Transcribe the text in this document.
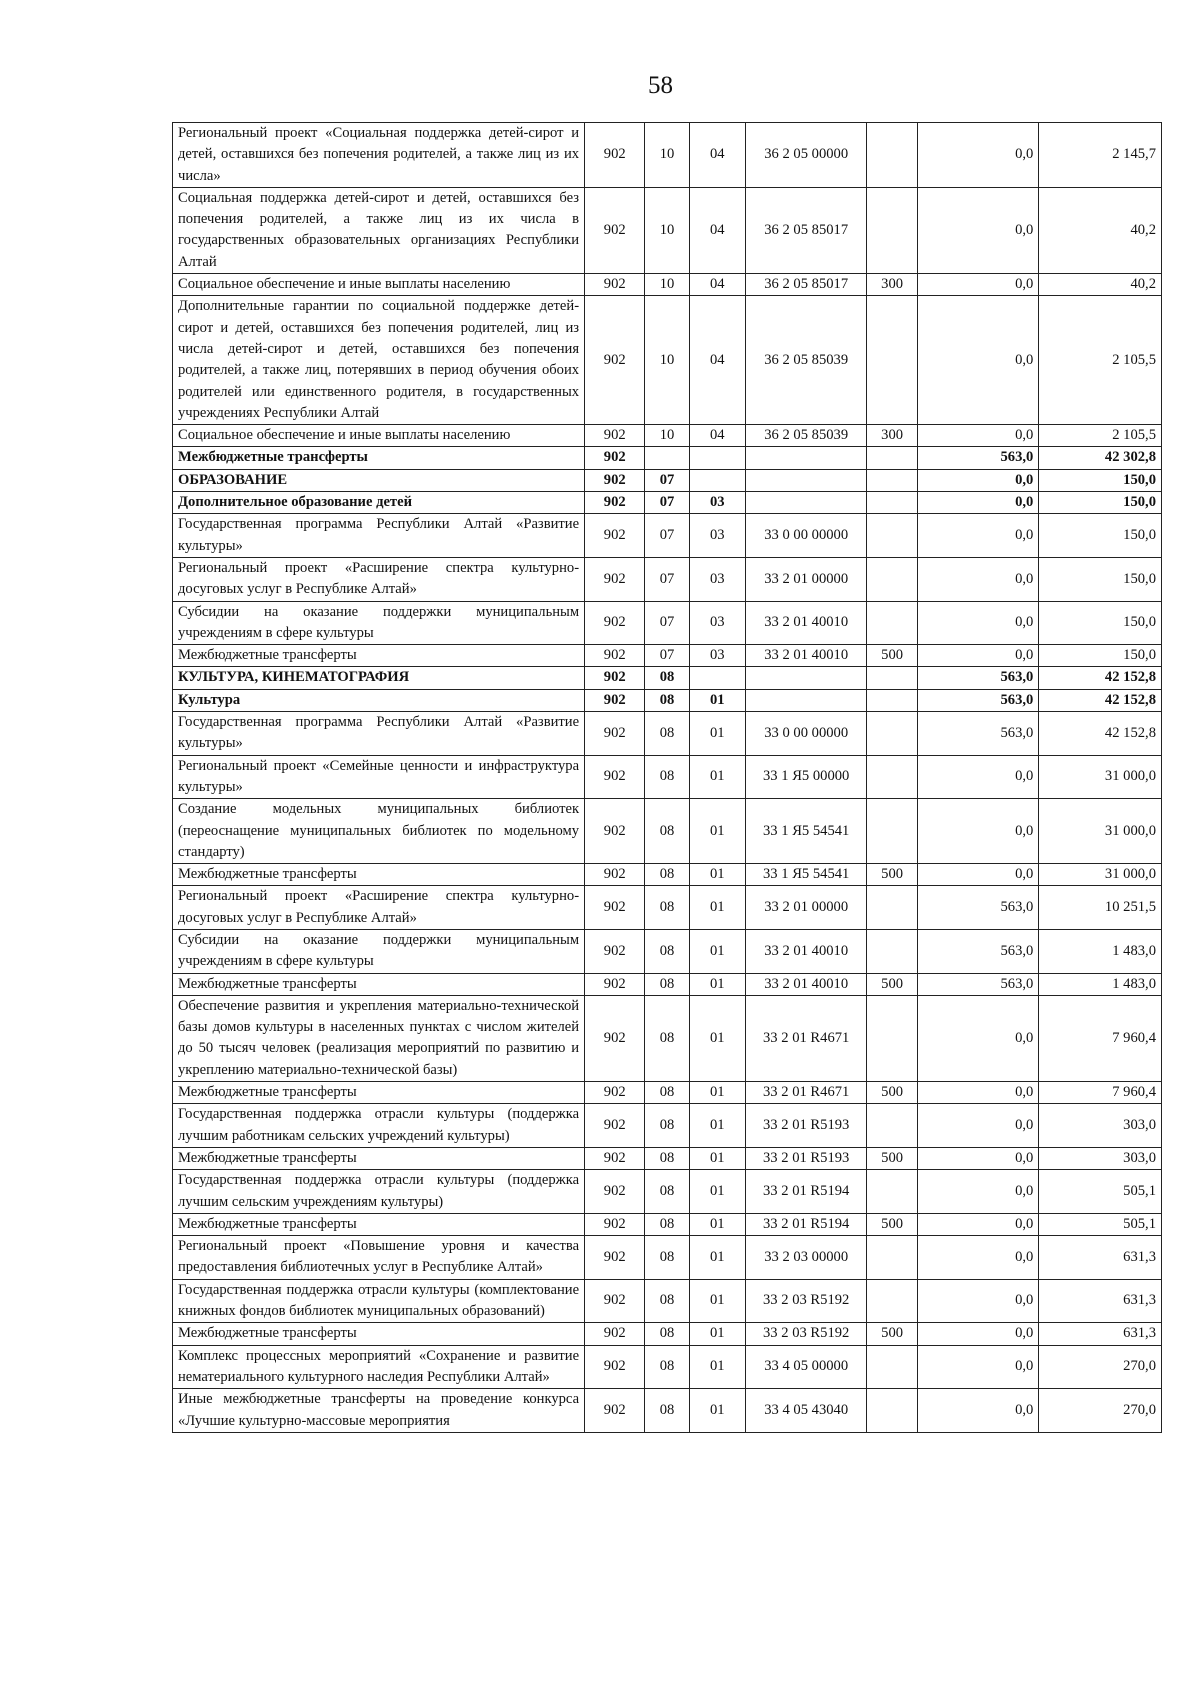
58
Региональный проект «Социальная поддержка детей-сирот и детей, оставшихся без попечения родителей, а также лиц из их числа»	902	10	04	36 2 05 00000		0,0	2 145,7
Социальная поддержка детей-сирот и детей, оставшихся без попечения родителей, а также лиц из их числа в государственных образовательных организациях Республики Алтай	902	10	04	36 2 05 85017		0,0	40,2
Социальное обеспечение и иные выплаты населению	902	10	04	36 2 05 85017	300	0,0	40,2
Дополнительные гарантии по социальной поддержке детей-сирот и детей, оставшихся без попечения родителей, лиц из числа детей-сирот и детей, оставшихся без попечения родителей, а также лиц, потерявших в период обучения обоих родителей или единственного родителя, в государственных учреждениях Республики Алтай	902	10	04	36 2 05 85039		0,0	2 105,5
Социальное обеспечение и иные выплаты населению	902	10	04	36 2 05 85039	300	0,0	2 105,5
Межбюджетные трансферты	902					563,0	42 302,8
ОБРАЗОВАНИЕ	902	07				0,0	150,0
Дополнительное образование детей	902	07	03			0,0	150,0
Государственная программа Республики Алтай «Развитие культуры»	902	07	03	33 0 00 00000		0,0	150,0
Региональный проект «Расширение спектра культурно-досуговых услуг в Республике Алтай»	902	07	03	33 2 01 00000		0,0	150,0
Субсидии на оказание поддержки муниципальным учреждениям в сфере культуры	902	07	03	33 2 01 40010		0,0	150,0
Межбюджетные трансферты	902	07	03	33 2 01 40010	500	0,0	150,0
КУЛЬТУРА, КИНЕМАТОГРАФИЯ	902	08				563,0	42 152,8
Культура	902	08	01			563,0	42 152,8
Государственная программа Республики Алтай «Развитие культуры»	902	08	01	33 0 00 00000		563,0	42 152,8
Региональный проект «Семейные ценности и инфраструктура культуры»	902	08	01	33 1 Я5 00000		0,0	31 000,0
Создание модельных муниципальных библиотек (переоснащение муниципальных библиотек по модельному стандарту)	902	08	01	33 1 Я5 54541		0,0	31 000,0
Межбюджетные трансферты	902	08	01	33 1 Я5 54541	500	0,0	31 000,0
Региональный проект «Расширение спектра культурно-досуговых услуг в Республике Алтай»	902	08	01	33 2 01 00000		563,0	10 251,5
Субсидии на оказание поддержки муниципальным учреждениям в сфере культуры	902	08	01	33 2 01 40010		563,0	1 483,0
Межбюджетные трансферты	902	08	01	33 2 01 40010	500	563,0	1 483,0
Обеспечение развития и укрепления материально-технической базы домов культуры в населенных пунктах с числом жителей до 50 тысяч человек (реализация мероприятий по развитию и укреплению материально-технической базы)	902	08	01	33 2 01 R4671		0,0	7 960,4
Межбюджетные трансферты	902	08	01	33 2 01 R4671	500	0,0	7 960,4
Государственная поддержка отрасли культуры (поддержка лучшим работникам сельских учреждений культуры)	902	08	01	33 2 01 R5193		0,0	303,0
Межбюджетные трансферты	902	08	01	33 2 01 R5193	500	0,0	303,0
Государственная поддержка отрасли культуры (поддержка лучшим сельским учреждениям культуры)	902	08	01	33 2 01 R5194		0,0	505,1
Межбюджетные трансферты	902	08	01	33 2 01 R5194	500	0,0	505,1
Региональный проект «Повышение уровня и качества предоставления библиотечных услуг в Республике Алтай»	902	08	01	33 2 03 00000		0,0	631,3
Государственная поддержка отрасли культуры (комплектование книжных фондов библиотек муниципальных образований)	902	08	01	33 2 03 R5192		0,0	631,3
Межбюджетные трансферты	902	08	01	33 2 03 R5192	500	0,0	631,3
Комплекс процессных мероприятий «Сохранение и развитие нематериального культурного наследия Республики Алтай»	902	08	01	33 4 05 00000		0,0	270,0
Иные межбюджетные трансферты на проведение конкурса «Лучшие культурно-массовые мероприятия	902	08	01	33 4 05 43040		0,0	270,0
